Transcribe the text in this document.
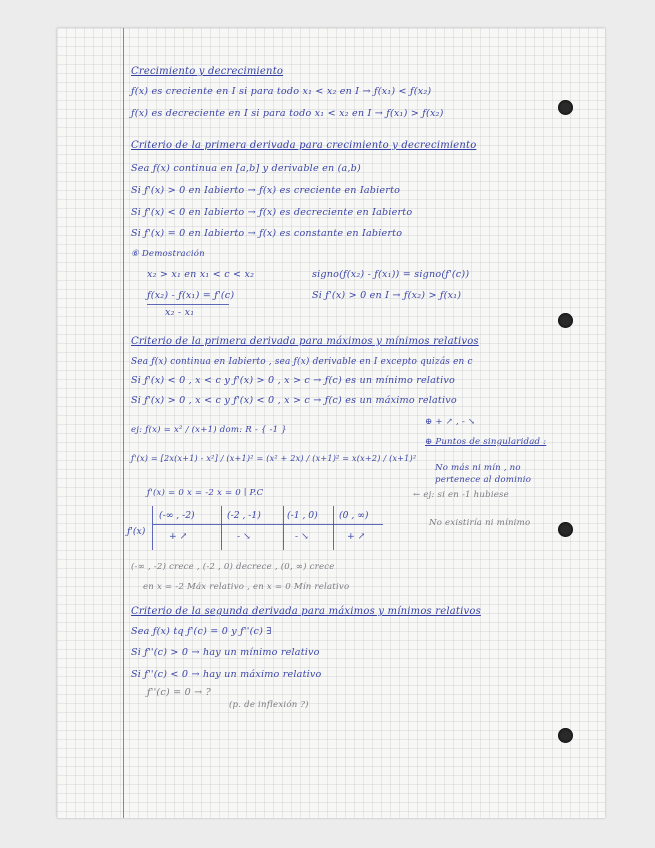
Crecimiento y decrecimiento
ƒ(x) es creciente en I si para todo x₁ < x₂ en I → ƒ(x₁) < ƒ(x₂)
ƒ(x) es decreciente en I si para todo x₁ < x₂ en I → ƒ(x₁) > ƒ(x₂)
Criterio de la primera derivada para crecimiento y decrecimiento
Sea ƒ(x) continua en [a,b] y derivable en (a,b)
Si ƒ'(x) > 0 en Iabierto → ƒ(x) es creciente en Iabierto
Si ƒ'(x) < 0 en Iabierto → ƒ(x) es decreciente en Iabierto
Si ƒ'(x) = 0 en Iabierto → ƒ(x) es constante en Iabierto
⑥ Demostración
x₂ > x₁ en x₁ < c < x₂	signo(ƒ(x₂) - ƒ(x₁)) = signo(ƒ'(c))
ƒ(x₂) - ƒ(x₁) = ƒ'(c)	Si ƒ'(x) > 0 en I → ƒ(x₂) > ƒ(x₁)
x₂ - x₁
Criterio de la primera derivada para máximos y mínimos relativos
Sea ƒ(x) continua en Iabierto , sea ƒ(x) derivable en I excepto quizás en c
Si ƒ'(x) < 0 , x < c y ƒ'(x) > 0 , x > c → ƒ(c) es un mínimo relativo
Si ƒ'(x) > 0 , x < c y ƒ'(x) < 0 , x > c → ƒ(c) es un máximo relativo
ej: ƒ(x) = x² / (x+1) dom: R - { -1 }
⊕ + ↗ , - ↘
ƒ'(x) = [2x(x+1) - x²] / (x+1)² = (x² + 2x) / (x+1)² = x(x+2) / (x+1)²
⊕ Puntos de singularidad :
No más ni mín , no
pertenece al dominio
ƒ'(x) = 0 x = -2 x = 0 ∣ P.C	← ej: si en -1 hubiese
No existiría ni mínimo
ƒ'(x)
(-∞ , -2)	(-2 , -1)	(-1 , 0) (0 , ∞)
+ ↗	- ↘	- ↘	+ ↗
(-∞ , -2) crece , (-2 , 0) decrece , (0, ∞) crece
en x = -2 Máx relativo , en x = 0 Mín relativo
Criterio de la segunda derivada para máximos y mínimos relativos
Sea ƒ(x) tq ƒ'(c) = 0 y ƒ''(c) ∃
Si ƒ''(c) > 0 → hay un mínimo relativo
Si ƒ''(c) < 0 → hay un máximo relativo
ƒ''(c) = 0 → ?
(p. de inflexión ?)
